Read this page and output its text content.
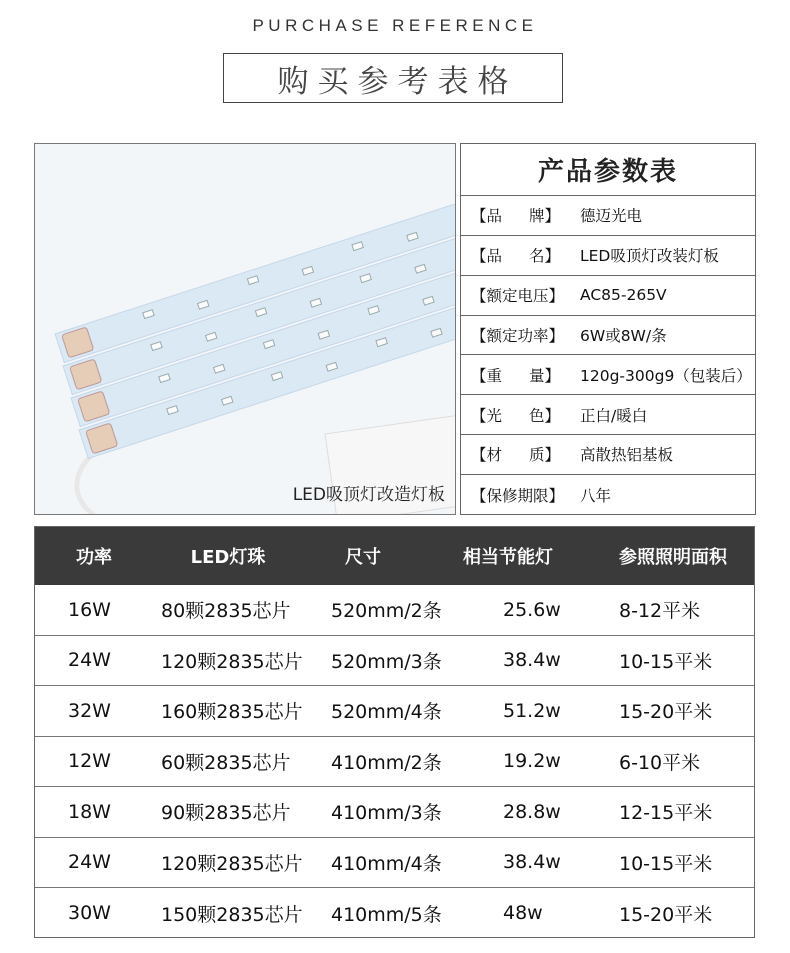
PURCHASE REFERENCE
购买参考表格
LED吸顶灯改造灯板
产品参数表
【品 牌】	德迈光电
【品 名】	LED吸顶灯改装灯板
【额定电压】	AC85-265V
【额定功率】	6W或8W/条
【重 量】	120g-300g9（包装后）
【光 色】	正白/暖白
【材 质】	高散热铝基板
【保修期限】	八年
功率	LED灯珠	尺寸	相当节能灯	参照照明面积
16W	80颗2835芯片	520mm/2条	25.6w	8-12平米
24W	120颗2835芯片	520mm/3条	38.4w	10-15平米
32W	160颗2835芯片	520mm/4条	51.2w	15-20平米
12W	60颗2835芯片	410mm/2条	19.2w	6-10平米
18W	90颗2835芯片	410mm/3条	28.8w	12-15平米
24W	120颗2835芯片	410mm/4条	38.4w	10-15平米
30W	150颗2835芯片	410mm/5条	48w	15-20平米
